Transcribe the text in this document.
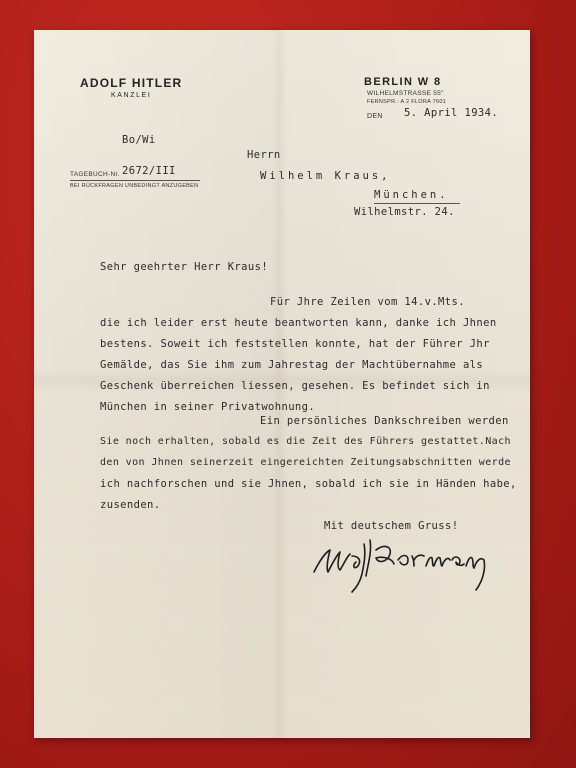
ADOLF HITLER
KANZLEI
BERLIN W 8
WILHELMSTRASSE 55"
FERNSPR.: A 2 FLORA 7601
DEN 5. April 1934.
Bo/Wi
TAGEBUCH-Nr. 2672/III
BEI RÜCKFRAGEN UNBEDINGT ANZUGEBEN
Herrn
Wilhelm Kraus,
München.
Wilhelmstr. 24.
Sehr geehrter Herr Kraus!
Für Jhre Zeilen vom 14.v.Mts.
die ich leider erst heute beantworten kann, danke ich Jhnen
bestens. Soweit ich feststellen konnte, hat der Führer Jhr
Gemälde, das Sie ihm zum Jahrestag der Machtübernahme als
Geschenk überreichen liessen, gesehen. Es befindet sich in
München in seiner Privatwohnung.
Ein persönliches Dankschreiben werden
Sie noch erhalten, sobald es die Zeit des Führers gestattet.Nach
den von Jhnen seinerzeit eingereichten Zeitungsabschnitten werde
ich nachforschen und sie Jhnen, sobald ich sie in Händen habe,
zusenden.
Mit deutschem Gruss!
